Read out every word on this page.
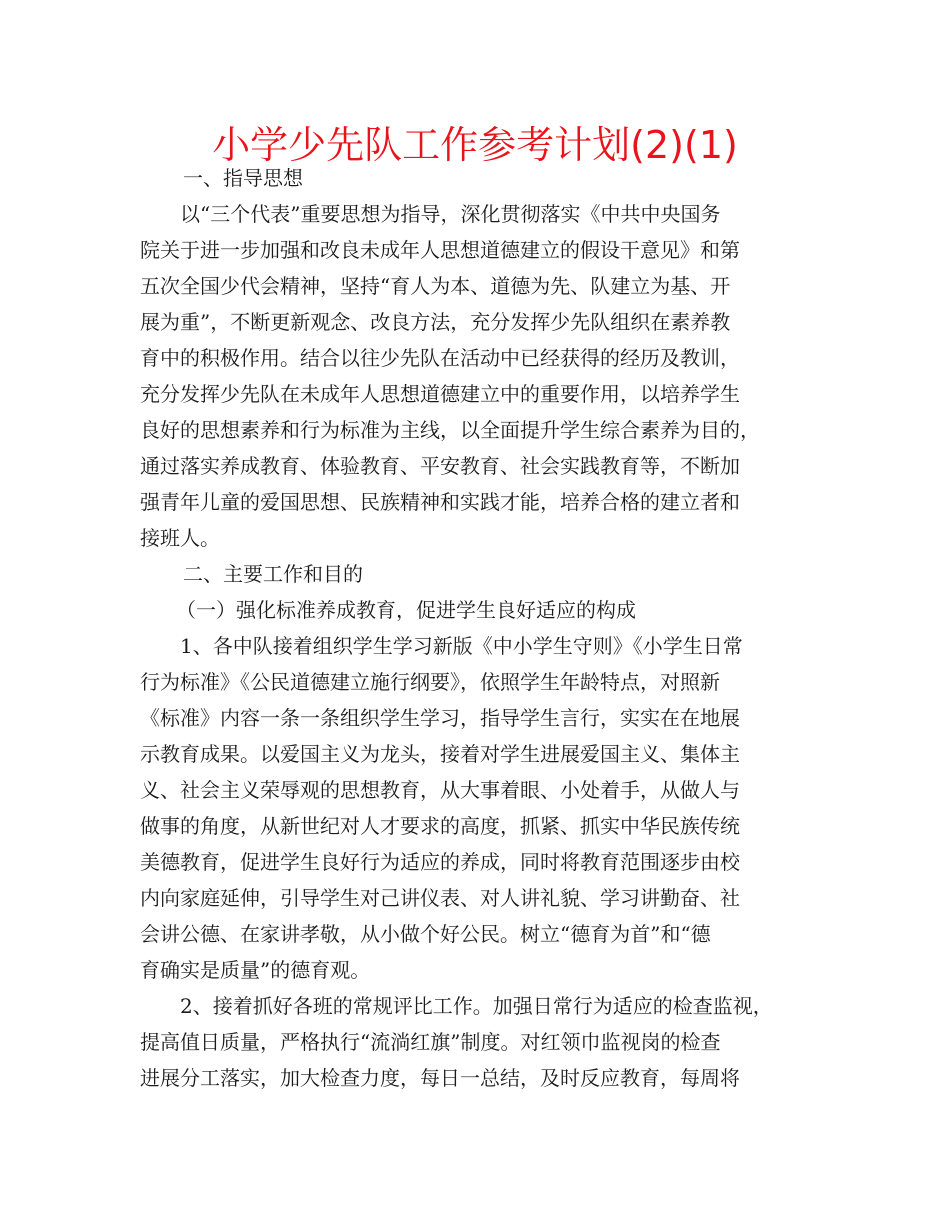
小学少先队工作参考计划(2)(1)
一、指导思想
以“三个代表”重要思想为指导，深化贯彻落实《中共中央国务
院关于进一步加强和改良未成年人思想道德建立的假设干意见》和第
五次全国少代会精神，坚持“育人为本、道德为先、队建立为基、开
展为重”，不断更新观念、改良方法，充分发挥少先队组织在素养教
育中的积极作用。结合以往少先队在活动中已经获得的经历及教训，
充分发挥少先队在未成年人思想道德建立中的重要作用，以培养学生
良好的思想素养和行为标准为主线，以全面提升学生综合素养为目的，
通过落实养成教育、体验教育、平安教育、社会实践教育等，不断加
强青年儿童的爱国思想、民族精神和实践才能，培养合格的建立者和
接班人。
二、主要工作和目的
（一）强化标准养成教育，促进学生良好适应的构成
1、各中队接着组织学生学习新版《中小学生守则》《小学生日常
行为标准》《公民道德建立施行纲要》，依照学生年龄特点，对照新
《标准》内容一条一条组织学生学习，指导学生言行，实实在在地展
示教育成果。以爱国主义为龙头，接着对学生进展爱国主义、集体主
义、社会主义荣辱观的思想教育，从大事着眼、小处着手，从做人与
做事的角度，从新世纪对人才要求的高度，抓紧、抓实中华民族传统
美德教育，促进学生良好行为适应的养成，同时将教育范围逐步由校
内向家庭延伸，引导学生对己讲仪表、对人讲礼貌、学习讲勤奋、社
会讲公德、在家讲孝敬，从小做个好公民。树立“德育为首”和“德
育确实是质量”的德育观。
2、接着抓好各班的常规评比工作。加强日常行为适应的检查监视，
提高值日质量，严格执行“流淌红旗”制度。对红领巾监视岗的检查
进展分工落实，加大检查力度，每日一总结，及时反应教育，每周将
